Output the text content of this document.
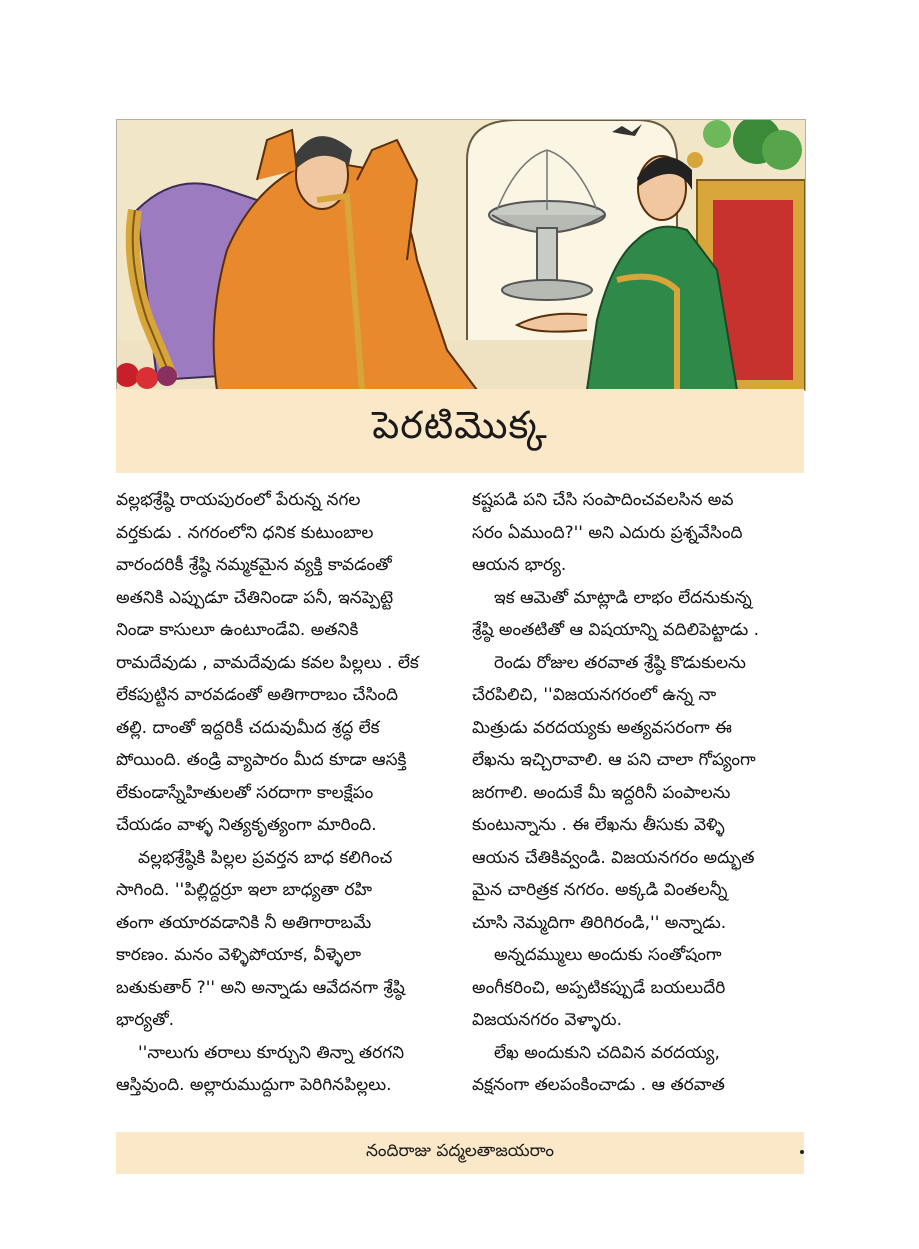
పెరటిమొక్క
వల్లభశ్రేష్ఠి రాయపురంలో పేరున్న నగల
వర్తకుడు . నగరంలోని ధనిక కుటుంబాల
వారందరికీ శ్రేష్ఠి నమ్మకమైన వ్యక్తి కావడంతో
అతనికి ఎప్పుడూ చేతినిండా పనీ, ఇనప్పెట్టె
నిండా కాసులూ ఉంటూండేవి. అతనికి
రామదేవుడు , వామదేవుడు కవల పిల్లలు . లేక
లేకపుట్టిన వారవడంతో అతిగారాబం చేసింది
తల్లి. దాంతో ఇద్దరికీ చదువుమీద శ్రద్ధ లేక
పోయింది. తండ్రి వ్యాపారం మీద కూడా ఆసక్తి
లేకుండాస్నేహితులతో సరదాగా కాలక్షేపం
చేయడం వాళ్ళ నిత్యకృత్యంగా మారింది.
వల్లభశ్రేష్ఠికి పిల్లల ప్రవర్తన బాధ కలిగించ
సాగింది. ''పిల్లిద్దర్రూ ఇలా బాధ్యతా రహి
తంగా తయారవడానికి నీ అతిగారాబమే
కారణం. మనం వెళ్ళిపోయాక, వీళ్ళెలా
బతుకుతార్ ?'' అని అన్నాడు ఆవేదనగా శ్రేష్ఠి
భార్యతో.
''నాలుగు తరాలు కూర్చుని తిన్నా తరగని
ఆస్తివుంది. అల్లారుముద్దుగా పెరిగినపిల్లలు.
కష్టపడి పని చేసి సంపాదించవలసిన అవ
సరం ఏముంది?'' అని ఎదురు ప్రశ్నవేసింది
ఆయన భార్య.
ఇక ఆమెతో మాట్లాడి లాభం లేదనుకున్న
శ్రేష్ఠి అంతటితో ఆ విషయాన్ని వదిలిపెట్టాడు .
రెండు రోజుల తరవాత శ్రేష్ఠి కొడుకులను
చేరపిలిచి, ''విజయనగరంలో ఉన్న నా
మిత్రుడు వరదయ్యకు అత్యవసరంగా ఈ
లేఖను ఇచ్చిరావాలి. ఆ పని చాలా గోప్యంగా
జరగాలి. అందుకే మీ ఇద్దరినీ పంపాలను
కుంటున్నాను . ఈ లేఖను తీసుకు వెళ్ళి
ఆయన చేతికివ్వండి. విజయనగరం అద్భుత
మైన చారిత్రక నగరం. అక్కడి వింతలన్నీ
చూసి నెమ్మదిగా తిరిగిరండి,'' అన్నాడు.
అన్నదమ్ములు అందుకు సంతోషంగా
అంగీకరించి, అప్పటికప్పుడే బయలుదేరి
విజయనగరం వెళ్ళారు.
లేఖ అందుకుని చదివిన వరదయ్య,
వక్షనంగా తలపంకించాడు . ఆ తరవాత
నందిరాజు పద్మలతాజయరాం
